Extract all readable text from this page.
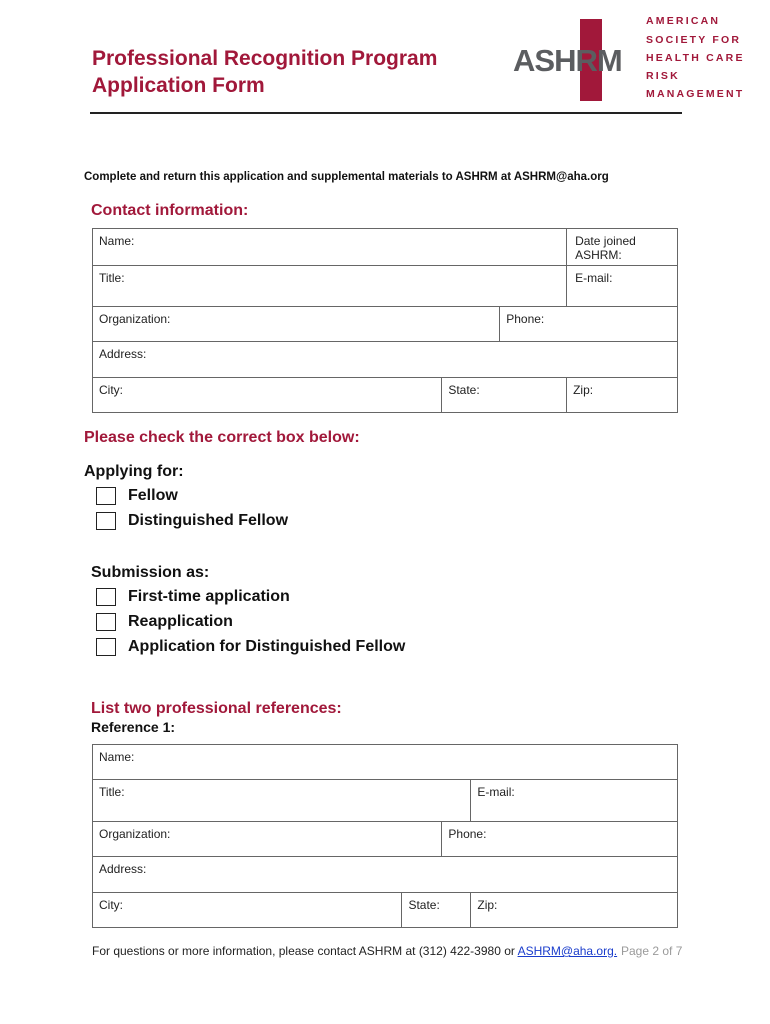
Professional Recognition Program
Application Form
ASHRM
AMERICAN
SOCIETY FOR
HEALTH CARE
RISK
MANAGEMENT
Complete and return this application and supplemental materials to ASHRM at ASHRM@aha.org
Contact information:
Name:			Date joined ASHRM:
Title:			E-mail:
Organization:		Phone:	
Address:			
City:	State:		Zip:
Please check the correct box below:
Applying for:
Fellow
Distinguished Fellow
Submission as:
First-time application
Reapplication
Application for Distinguished Fellow
List two professional references:
Reference 1:
Name:			
Title:			E-mail:
Organization:		Phone:	
Address:			
City:	State:		Zip:
For questions or more information, please contact ASHRM at (312) 422-3980 or ASHRM@aha.org. Page 2 of 7
